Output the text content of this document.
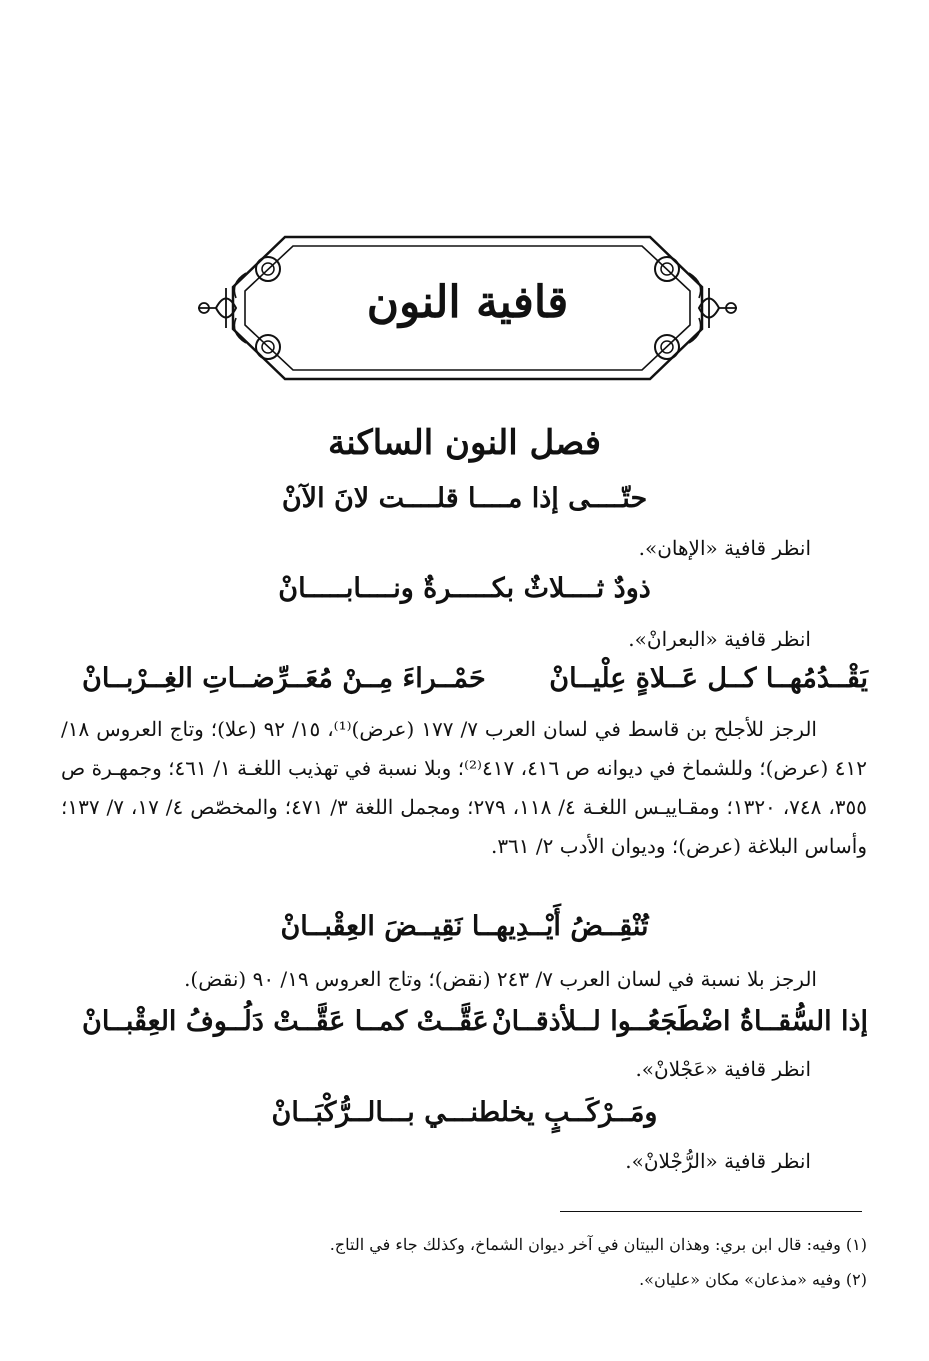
قافية النون
فصل النون الساكنة
حتّــــى إذا مــــا قلــــت لانَ الآنْ
انظر قافية «الإهان».
ذودٌ ثــــلاثٌ بكـــــرةٌ ونــــابـــــانْ
انظر قافية «البعرانْ».
يَقْــدُمُهــا كــل عَــلاةٍ عِلْيــانْ
حَمْــراءَ مِــنْ مُعَــرِّضــاتِ الغِــرْبــانْ
الرجز للأجلح بن قاسط في لسان العرب ٧/ ١٧٧ (عرض)⁽¹⁾، ١٥/ ٩٢ (علا)؛ وتاج العروس ١٨/ ٤١٢ (عرض)؛ وللشماخ في ديوانه ص ٤١٦، ٤١٧⁽²⁾؛ وبلا نسبة في تهذيب اللغـة ١/ ٤٦١؛ وجمهـرة ص ٣٥٥، ٧٤٨، ١٣٢٠؛ ومقـاييـس اللغـة ٤/ ١١٨، ٢٧٩؛ ومجمل اللغة ٣/ ٤٧١؛ والمخصّص ٤/ ١٧، ٧/ ١٣٧؛ وأساس البلاغة (عرض)؛ وديوان الأدب ٢/ ٣٦١.
تُنْقِــضُ أَيْــدِيهــا نَقِيــضَ العِقْبــانْ
الرجز بلا نسبة في لسان العرب ٧/ ٢٤٣ (نقض)؛ وتاج العروس ١٩/ ٩٠ (نقض).
إذا السُّقــاةُ اضْطَجَعُــوا لــلأذقــانْ
عَقَّــتْ كمــا عَقَّــتْ دَلُــوفُ العِقْبــانْ
انظر قافية «عَجْلانْ».
ومَــرْكَــبٍ يخلطنـــي بـــالــرُّكْبَــانْ
انظر قافية «الرُّجْلانْ».
(١) وفيه: قال ابن بري: وهذان البيتان في آخر ديوان الشماخ، وكذلك جاء في التاج.
(٢) وفيه «مذعان» مكان «عليان».
